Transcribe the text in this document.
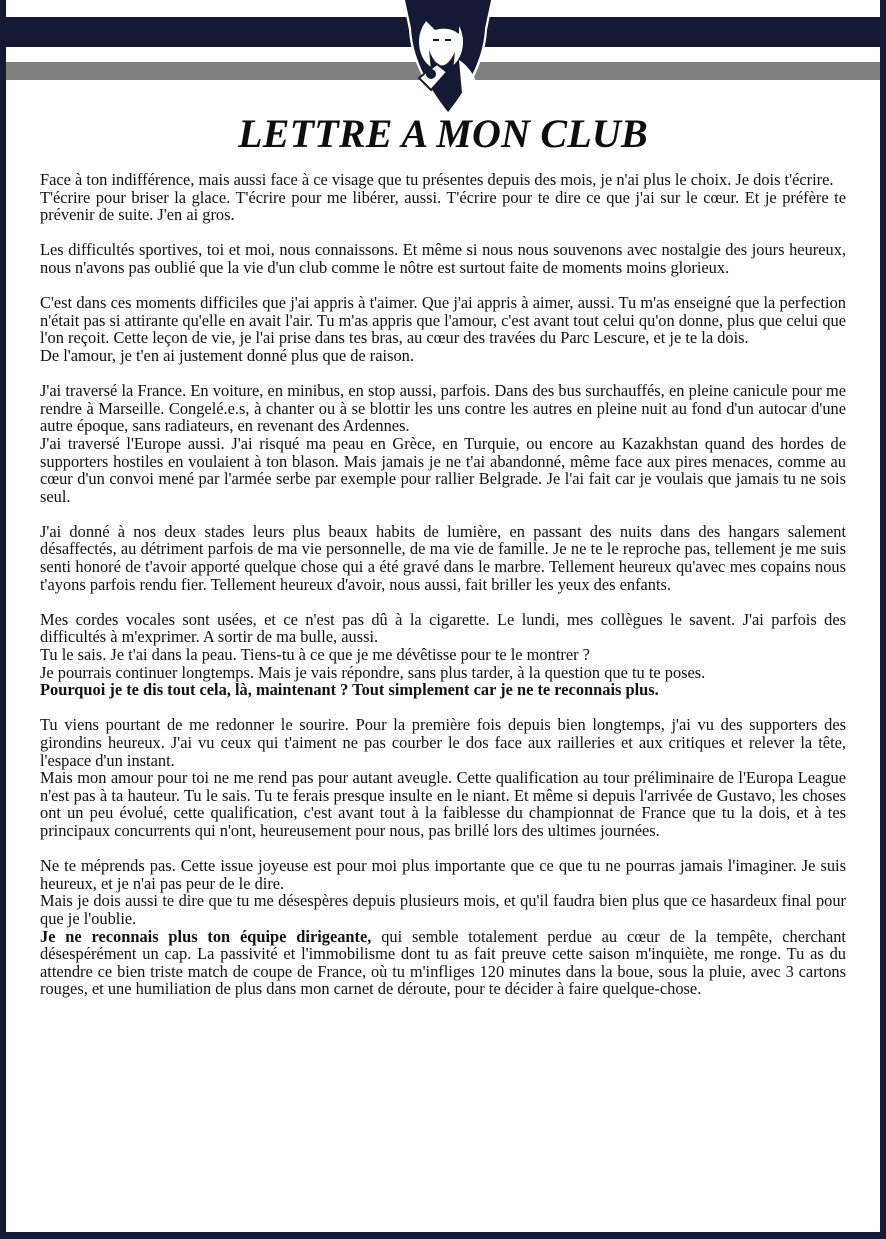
LETTRE A MON CLUB

Face à ton indifférence, mais aussi face à ce visage que tu présentes depuis des mois, je n'ai plus le choix. Je dois t'écrire.
T'écrire pour briser la glace. T'écrire pour me libérer, aussi. T'écrire pour te dire ce que j'ai sur le cœur. Et je préfère te prévenir de suite. J'en ai gros.

Les difficultés sportives, toi et moi, nous connaissons. Et même si nous nous souvenons avec nostalgie des jours heureux, nous n'avons pas oublié que la vie d'un club comme le nôtre est surtout faite de moments moins glorieux.

C'est dans ces moments difficiles que j'ai appris à t'aimer. Que j'ai appris à aimer, aussi. Tu m'as enseigné que la perfection n'était pas si attirante qu'elle en avait l'air. Tu m'as appris que l'amour, c'est avant tout celui qu'on donne, plus que celui que l'on reçoit. Cette leçon de vie, je l'ai prise dans tes bras, au cœur des travées du Parc Lescure, et je te la dois.
De l'amour, je t'en ai justement donné plus que de raison.

J'ai traversé la France. En voiture, en minibus, en stop aussi, parfois. Dans des bus surchauffés, en pleine canicule pour me rendre à Marseille. Congelé.e.s, à chanter ou à se blottir les uns contre les autres en pleine nuit au fond d'un autocar d'une autre époque, sans radiateurs, en revenant des Ardennes.
J'ai traversé l'Europe aussi. J'ai risqué ma peau en Grèce, en Turquie, ou encore au Kazakhstan quand des hordes de supporters hostiles en voulaient à ton blason. Mais jamais je ne t'ai abandonné, même face aux pires menaces, comme au cœur d'un convoi mené par l'armée serbe par exemple pour rallier Belgrade. Je l'ai fait car je voulais que jamais tu ne sois seul.

J'ai donné à nos deux stades leurs plus beaux habits de lumière, en passant des nuits dans des hangars salement désaffectés, au détriment parfois de ma vie personnelle, de ma vie de famille. Je ne te le reproche pas, tellement je me suis senti honoré de t'avoir apporté quelque chose qui a été gravé dans le marbre. Tellement heureux qu'avec mes copains nous t'ayons parfois rendu fier. Tellement heureux d'avoir, nous aussi, fait briller les yeux des enfants.

Mes cordes vocales sont usées, et ce n'est pas dû à la cigarette. Le lundi, mes collègues le savent. J'ai parfois des difficultés à m'exprimer. A sortir de ma bulle, aussi.
Tu le sais. Je t'ai dans la peau. Tiens-tu à ce que je me dévêtisse pour te le montrer ?
Je pourrais continuer longtemps. Mais je vais répondre, sans plus tarder, à la question que tu te poses.
Pourquoi je te dis tout cela, là, maintenant ? Tout simplement car je ne te reconnais plus.

Tu viens pourtant de me redonner le sourire. Pour la première fois depuis bien longtemps, j'ai vu des supporters des girondins heureux. J'ai vu ceux qui t'aiment ne pas courber le dos face aux railleries et aux critiques et relever la tête, l'espace d'un instant.
Mais mon amour pour toi ne me rend pas pour autant aveugle. Cette qualification au tour préliminaire de l'Europa League n'est pas à ta hauteur. Tu le sais. Tu te ferais presque insulte en le niant. Et même si depuis l'arrivée de Gustavo, les choses ont un peu évolué, cette qualification, c'est avant tout à la faiblesse du championnat de France que tu la dois, et à tes principaux concurrents qui n'ont, heureusement pour nous, pas brillé lors des ultimes journées.

Ne te méprends pas. Cette issue joyeuse est pour moi plus importante que ce que tu ne pourras jamais l'imaginer. Je suis heureux, et je n'ai pas peur de le dire.
Mais je dois aussi te dire que tu me désespères depuis plusieurs mois, et qu'il faudra bien plus que ce hasardeux final pour que je l'oublie.
Je ne reconnais plus ton équipe dirigeante, qui semble totalement perdue au cœur de la tempête, cherchant désespérément un cap. La passivité et l'immobilisme dont tu as fait preuve cette saison m'inquiète, me ronge. Tu as du attendre ce bien triste match de coupe de France, où tu m'infliges 120 minutes dans la boue, sous la pluie, avec 3 cartons rouges, et une humiliation de plus dans mon carnet de déroute, pour te décider à faire quelque-chose.
